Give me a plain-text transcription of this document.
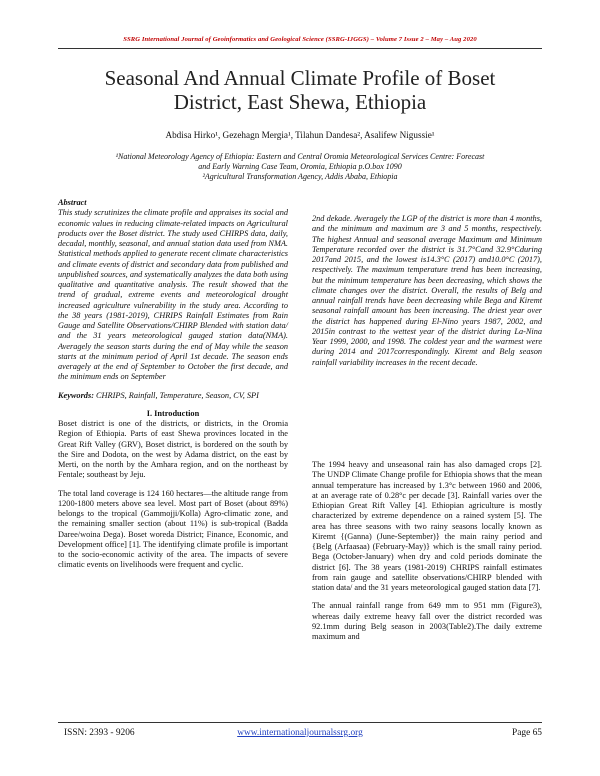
SSRG International Journal of Geoinformatics and Geological Science (SSRG-IJGGS) – Volume 7 Issue 2 – May – Aug 2020
Seasonal And Annual Climate Profile of Boset
District, East Shewa, Ethiopia
Abdisa Hirko¹, Gezehagn Mergia¹, Tilahun Dandesa², Asalifew Nigussie¹
¹National Meteorology Agency of Ethiopia: Eastern and Central Oromia Meteorological Services Centre: Forecast
and Early Warning Case Team, Oromia, Ethiopia p.O.box 1090
²Agricultural Transformation Agency, Addis Ababa, Ethiopia

Abstract

This study scrutinizes the climate profile and appraises its social and economic values in reducing climate-related impacts on Agricultural products over the Boset district. The study used CHIRPS data, daily, decadal, monthly, seasonal, and annual station data used from NMA. Statistical methods applied to generate recent climate characteristics and climate events of district and secondary data from published and unpublished sources, and systematically analyzes the data both using qualitative and quantitative analysis. The result showed that the trend of gradual, extreme events and meteorological drought increased agriculture vulnerability in the study area. According to the 38 years (1981-2019), CHRIPS Rainfall Estimates from Rain Gauge and Satellite Observations/CHIRP Blended with station data/ and the 31 years meteorological gauged station data(NMA). Averagely the season starts during the end of May while the season starts at the minimum period of April 1st decade. The season ends averagely at the end of September to October the first decade, and the minimum ends on September

Keywords: CHRIPS, Rainfall, Temperature, Season, CV, SPI

I. Introduction

Boset district is one of the districts, or districts, in the Oromia Region of Ethiopia. Parts of east Shewa provinces located in the Great Rift Valley (GRV), Boset district, is bordered on the south by the Sire and Dodota, on the west by Adama district, on the east by Merti, on the north by the Amhara region, and on the northeast by Fentale; southeast by Jeju.

The total land coverage is 124 160 hectares—the altitude range from 1200-1800 meters above sea level. Most part of Boset (about 89%) belongs to the tropical (Gammojji/Kolla) Agro-climatic zone, and the remaining smaller section (about 11%) is sub-tropical (Badda Daree/woina Dega). Boset woreda District; Finance, Economic, and Development office] [1]. The identifying climate profile is important to the socio-economic activity of the area. The impacts of severe climatic events on livelihoods were frequent and cyclic.

2nd dekade. Averagely the LGP of the district is more than 4 months, and the minimum and maximum are 3 and 5 months, respectively. The highest Annual and seasonal average Maximum and Minimum Temperature recorded over the district is 31.7°Cand 32.9°Cduring 2017and 2015, and the lowest is14.3°C (2017) and10.0°C (2017), respectively. The maximum temperature trend has been increasing, but the minimum temperature has been decreasing, which shows the climate changes over the district. Overall, the results of Belg and annual rainfall trends have been decreasing while Bega and Kiremt seasonal rainfall amount has been increasing. The driest year over the district has happened during El-Nino years 1987, 2002, and 2015in contrast to the wettest year of the district during La-Nina Year 1999, 2000, and 1998. The coldest year and the warmest were during 2014 and 2017correspondingly. Kiremt and Belg season rainfall variability increases in the recent decade.

The 1994 heavy and unseasonal rain has also damaged crops [2]. The UNDP Climate Change profile for Ethiopia shows that the mean annual temperature has increased by 1.3°c between 1960 and 2006, at an average rate of 0.28°c per decade [3]. Rainfall varies over the Ethiopian Great Rift Valley [4]. Ethiopian agriculture is mostly characterized by extreme dependence on a rained system [5]. The area has three seasons with two rainy seasons locally known as Kiremt {(Ganna) (June-September)} the main rainy period and {Belg (Arfaasaa) (February-May)} which is the small rainy period. Bega (October-January) when dry and cold periods dominate the district [6]. The 38 years (1981-2019) CHRIPS rainfall estimates from rain gauge and satellite observations/CHIRP blended with station data/ and the 31 years meteorological gauged station data [7].

The annual rainfall range from 649 mm to 951 mm (Figure3), whereas daily extreme heavy fall over the district recorded was 92.1mm during Belg season in 2003(Table2).The daily extreme maximum and

ISSN: 2393 - 9206	www.internationaljournalssrg.org	Page 65
